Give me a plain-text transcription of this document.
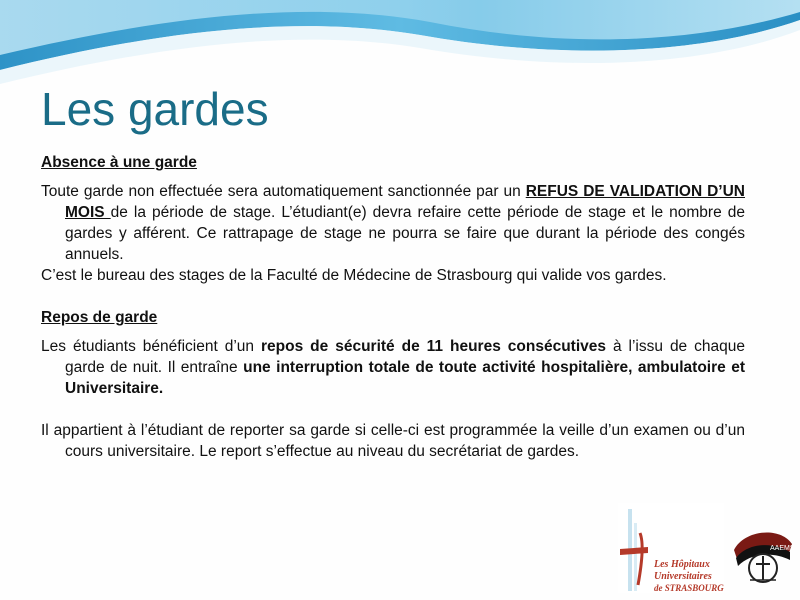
Les gardes

Absence à une garde

Toute garde non effectuée sera automatiquement sanctionnée par un REFUS DE VALIDATION D’UN MOIS de la période de stage. L’étudiant(e) devra refaire cette période de stage et le nombre de gardes y afférent. Ce rattrapage de stage ne pourra se faire que durant la période des congés annuels.

C’est le bureau des stages de la Faculté de Médecine de Strasbourg qui valide vos gardes.

Repos de garde

Les étudiants bénéficient d’un repos de sécurité de 11 heures consécutives à l’issu de chaque garde de nuit. Il entraîne une interruption totale de toute activité hospitalière, ambulatoire et Universitaire.

Il appartient à l’étudiant de reporter sa garde si celle-ci est programmée la veille d’un examen ou d’un cours universitaire. Le report s’effectue au niveau du secrétariat de gardes.

Les Hôpitaux
Universitaires
de STRASBOURG
AAEMS
